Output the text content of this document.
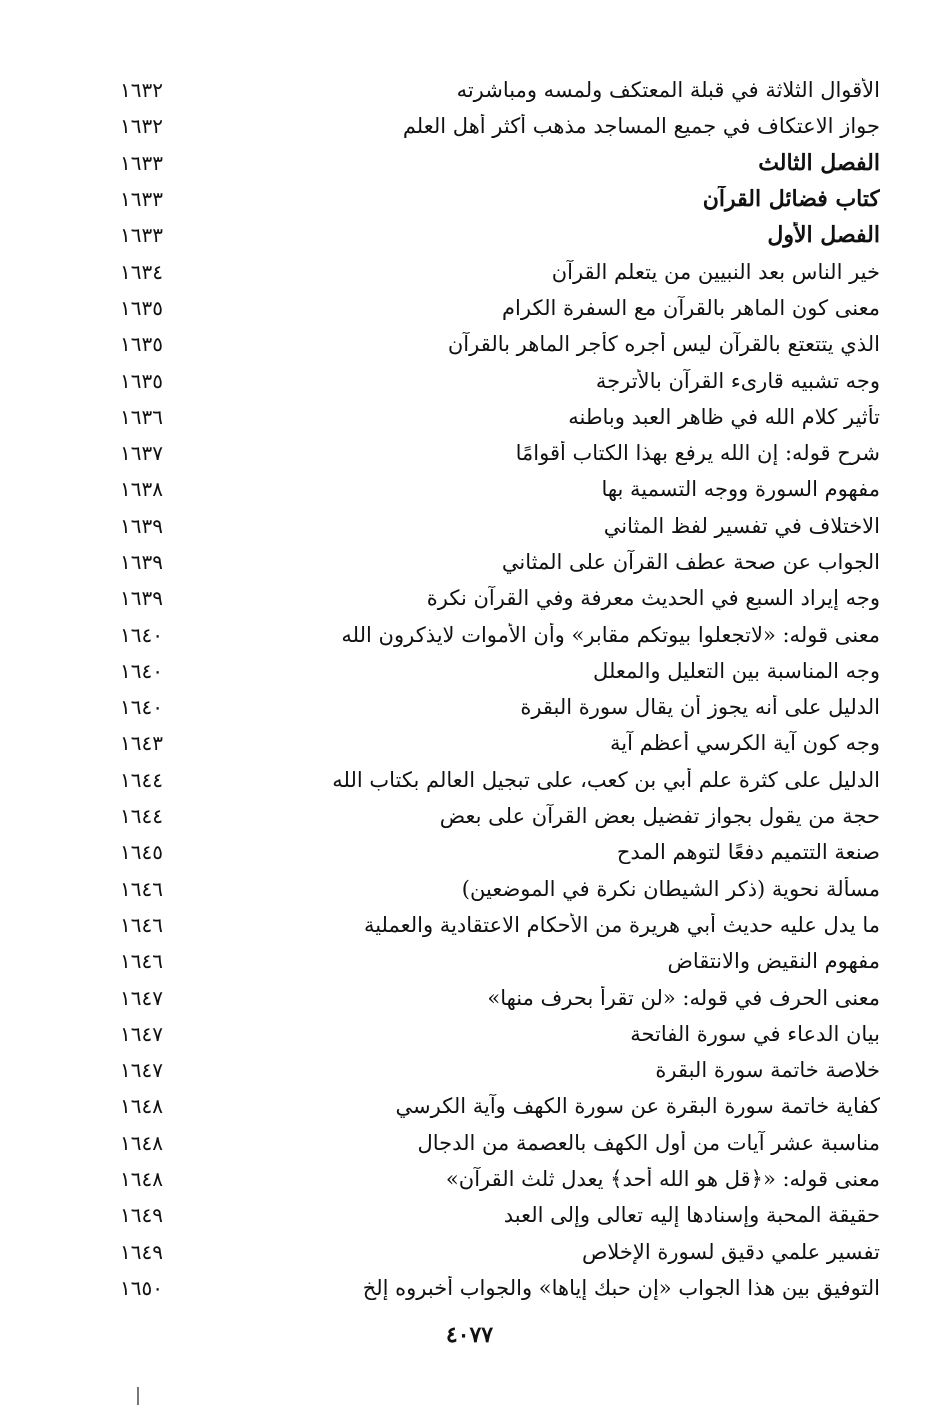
الأقوال الثلاثة في قبلة المعتكف ولمسه ومباشرته
١٦٣٢
جواز الاعتكاف في جميع المساجد مذهب أكثر أهل العلم
١٦٣٢
الفصل الثالث
١٦٣٣
كتاب فضائل القرآن
١٦٣٣
الفصل الأول
١٦٣٣
خير الناس بعد النبيين من يتعلم القرآن
١٦٣٤
معنى كون الماهر بالقرآن مع السفرة الكرام
١٦٣٥
الذي يتتعتع بالقرآن ليس أجره كأجر الماهر بالقرآن
١٦٣٥
وجه تشبيه قارىء القرآن بالأترجة
١٦٣٥
تأثير كلام الله في ظاهر العبد وباطنه
١٦٣٦
شرح قوله: إن الله يرفع بهذا الكتاب أقوامًا
١٦٣٧
مفهوم السورة ووجه التسمية بها
١٦٣٨
الاختلاف في تفسير لفظ المثاني
١٦٣٩
الجواب عن صحة عطف القرآن على المثاني
١٦٣٩
وجه إيراد السبع في الحديث معرفة وفي القرآن نكرة
١٦٣٩
معنى قوله: «لاتجعلوا بيوتكم مقابر» وأن الأموات لايذكرون الله
١٦٤٠
وجه المناسبة بين التعليل والمعلل
١٦٤٠
الدليل على أنه يجوز أن يقال سورة البقرة
١٦٤٠
وجه كون آية الكرسي أعظم آية
١٦٤٣
الدليل على كثرة علم أبي بن كعب، على تبجيل العالم بكتاب الله
١٦٤٤
حجة من يقول بجواز تفضيل بعض القرآن على بعض
١٦٤٤
صنعة التتميم دفعًا لتوهم المدح
١٦٤٥
مسألة نحوية (ذكر الشيطان نكرة في الموضعين)
١٦٤٦
ما يدل عليه حديث أبي هريرة من الأحكام الاعتقادية والعملية
١٦٤٦
مفهوم النقيض والانتقاض
١٦٤٦
معنى الحرف في قوله: «لن تقرأ بحرف منها»
١٦٤٧
بيان الدعاء في سورة الفاتحة
١٦٤٧
خلاصة خاتمة سورة البقرة
١٦٤٧
كفاية خاتمة سورة البقرة عن سورة الكهف وآية الكرسي
١٦٤٨
مناسبة عشر آيات من أول الكهف بالعصمة من الدجال
١٦٤٨
معنى قوله: «﴿قل هو الله أحد﴾ يعدل ثلث القرآن»
١٦٤٨
حقيقة المحبة وإسنادها إليه تعالى وإلى العبد
١٦٤٩
تفسير علمي دقيق لسورة الإخلاص
١٦٤٩
التوفيق بين هذا الجواب «إن حبك إياها» والجواب أخبروه إلخ
١٦٥٠
٤٠٧٧
